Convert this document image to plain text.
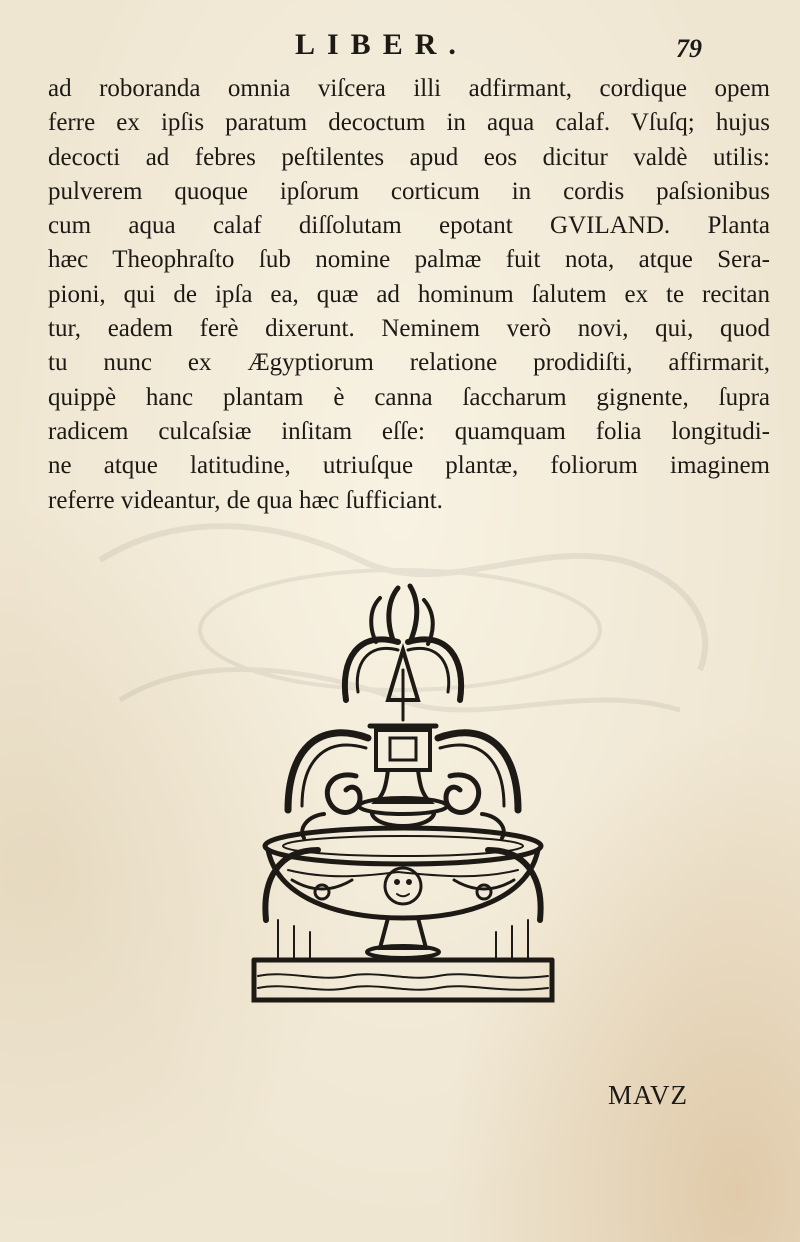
LIBER.	79
ad roboranda omnia viſcera illi adfirmant, cordique opem
ferre ex ipſis paratum decoctum in aqua calaf. Vſuſq; hujus
decocti ad febres peſtilentes apud eos dicitur valdè utilis:
pulverem quoque ipſorum corticum in cordis paſsionibus
cum aqua calaf diſſolutam epotant GVILAND. Planta
hæc Theophraſto ſub nomine palmæ fuit nota, atque Sera-
pioni, qui de ipſa ea, quæ ad hominum ſalutem ex te recitan
tur, eadem ferè dixerunt. Neminem verò novi, qui, quod
tu nunc ex Ægyptiorum relatione prodidiſti, affirmarit,
quippè hanc plantam è canna ſaccharum gignente, ſupra
radicem culcaſsiæ inſitam eſſe: quamquam folia longitudi-
ne atque latitudine, utriuſque plantæ, foliorum imaginem
referre videantur, de qua hæc ſufficiant.
MAVZ
